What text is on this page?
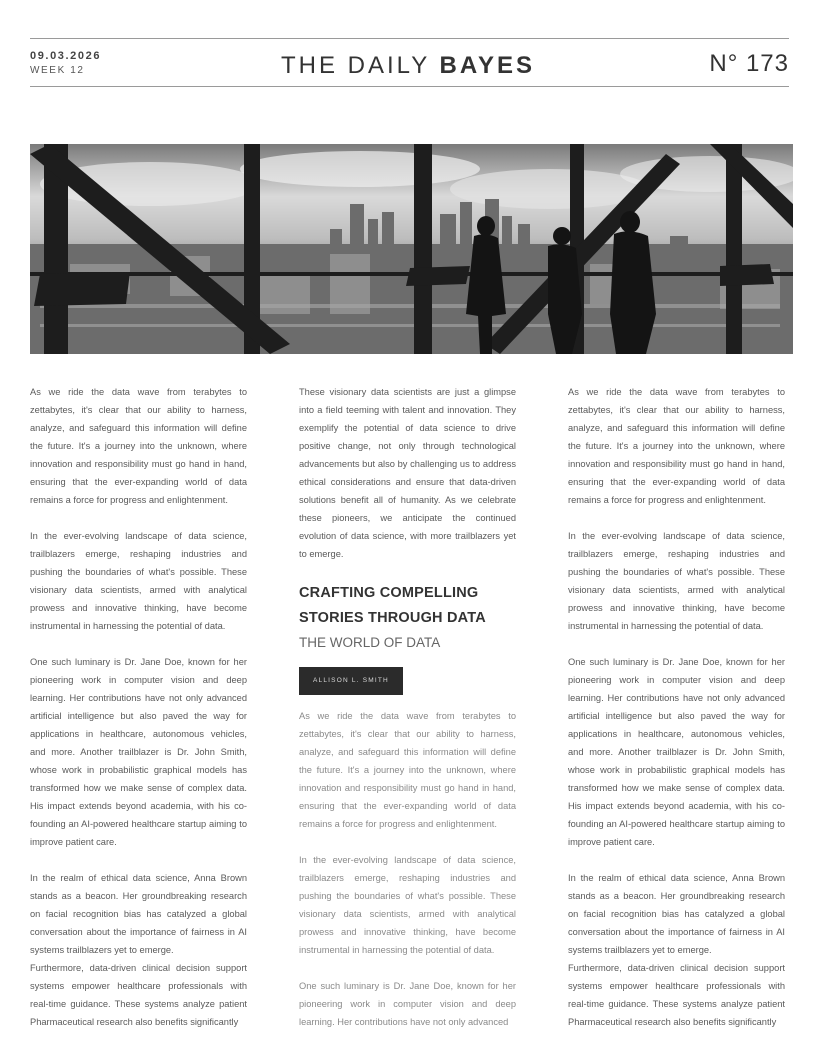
09.03.2026
WEEK 12	THE DAILY BAYES	N° 173

As we ride the data wave from terabytes to zettabytes, it's clear that our ability to harness, analyze, and safeguard this information will define the future. It's a journey into the unknown, where innovation and responsibility must go hand in hand, ensuring that the ever-expanding world of data remains a force for progress and enlightenment.

In the ever-evolving landscape of data science, trailblazers emerge, reshaping industries and pushing the boundaries of what's possible. These visionary data scientists, armed with analytical prowess and innovative thinking, have become instrumental in harnessing the potential of data.

One such luminary is Dr. Jane Doe, known for her pioneering work in computer vision and deep learning. Her contributions have not only advanced artificial intelligence but also paved the way for applications in healthcare, autonomous vehicles, and more. Another trailblazer is Dr. John Smith, whose work in probabilistic graphical models has transformed how we make sense of complex data. His impact extends beyond academia, with his co-founding an AI-powered healthcare startup aiming to improve patient care.

In the realm of ethical data science, Anna Brown stands as a beacon. Her groundbreaking research on facial recognition bias has catalyzed a global conversation about the importance of fairness in AI systems trailblazers yet to emerge.

Furthermore, data-driven clinical decision support systems empower healthcare professionals with real-time guidance. These systems analyze patient Pharmaceutical research also benefits significantly

These visionary data scientists are just a glimpse into a field teeming with talent and innovation. They exemplify the potential of data science to drive positive change, not only through technological advancements but also by challenging us to address ethical considerations and ensure that data-driven solutions benefit all of humanity. As we celebrate these pioneers, we anticipate the continued evolution of data science, with more trailblazers yet to emerge.

CRAFTING COMPELLING
STORIES THROUGH DATA
THE WORLD OF DATA
ALLISON L. SMITH

As we ride the data wave from terabytes to zettabytes, it's clear that our ability to harness, analyze, and safeguard this information will define the future. It's a journey into the unknown, where innovation and responsibility must go hand in hand, ensuring that the ever-expanding world of data remains a force for progress and enlightenment.

In the ever-evolving landscape of data science, trailblazers emerge, reshaping industries and pushing the boundaries of what's possible. These visionary data scientists, armed with analytical prowess and innovative thinking, have become instrumental in harnessing the potential of data.

One such luminary is Dr. Jane Doe, known for her pioneering work in computer vision and deep learning. Her contributions have not only advanced

As we ride the data wave from terabytes to zettabytes, it's clear that our ability to harness, analyze, and safeguard this information will define the future. It's a journey into the unknown, where innovation and responsibility must go hand in hand, ensuring that the ever-expanding world of data remains a force for progress and enlightenment.

In the ever-evolving landscape of data science, trailblazers emerge, reshaping industries and pushing the boundaries of what's possible. These visionary data scientists, armed with analytical prowess and innovative thinking, have become instrumental in harnessing the potential of data.

One such luminary is Dr. Jane Doe, known for her pioneering work in computer vision and deep learning. Her contributions have not only advanced artificial intelligence but also paved the way for applications in healthcare, autonomous vehicles, and more. Another trailblazer is Dr. John Smith, whose work in probabilistic graphical models has transformed how we make sense of complex data. His impact extends beyond academia, with his co-founding an AI-powered healthcare startup aiming to improve patient care.

In the realm of ethical data science, Anna Brown stands as a beacon. Her groundbreaking research on facial recognition bias has catalyzed a global conversation about the importance of fairness in AI systems trailblazers yet to emerge.

Furthermore, data-driven clinical decision support systems empower healthcare professionals with real-time guidance. These systems analyze patient Pharmaceutical research also benefits significantly
